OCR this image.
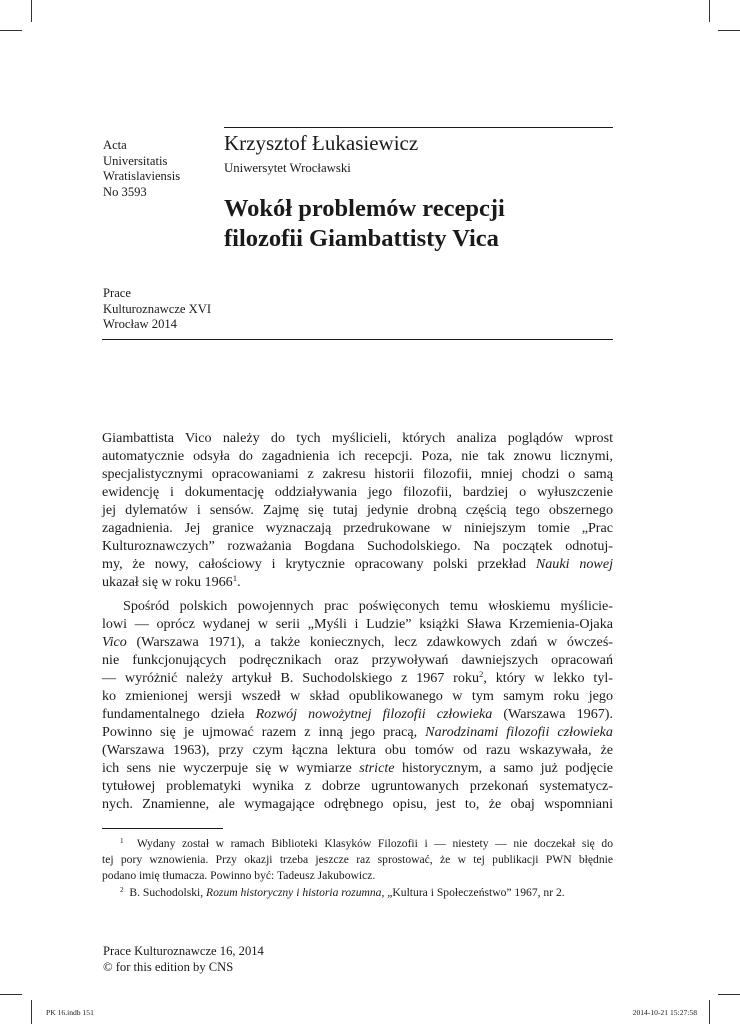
Acta
Universitatis
Wratislaviensis
No 3593
Krzysztof Łukasiewicz
Uniwersytet Wrocławski
Wokół problemów recepcji
filozofii Giambattisty Vica
Prace
Kulturoznawcze XVI
Wrocław 2014
Giambattista Vico należy do tych myślicieli, których analiza poglądów wprost
automatycznie odsyła do zagadnienia ich recepcji. Poza, nie tak znowu licznymi,
specjalistycznymi opracowaniami z zakresu historii filozofii, mniej chodzi o samą
ewidencję i dokumentację oddziaływania jego filozofii, bardziej o wyłuszczenie
jej dylematów i sensów. Zajmę się tutaj jedynie drobną częścią tego obszernego
zagadnienia. Jej granice wyznaczają przedrukowane w niniejszym tomie „Prac
Kulturoznawczych” rozważania Bogdana Suchodolskiego. Na początek odnotuj-
my, że nowy, całościowy i krytycznie opracowany polski przekład Nauki nowej
ukazał się w roku 1966$^1$.
Spośród polskich powojennych prac poświęconych temu włoskiemu myślicie-
lowi — oprócz wydanej w serii „Myśli i Ludzie” książki Sława Krzemienia-Ojaka
Vico (Warszawa 1971), a także koniecznych, lecz zdawkowych zdań w ówcześ-
nie funkcjonujących podręcznikach oraz przywoływań dawniejszych opracowań
— wyróżnić należy artykuł B. Suchodolskiego z 1967 roku$^2$, który w lekko tyl-
ko zmienionej wersji wszedł w skład opublikowanego w tym samym roku jego
fundamentalnego dzieła Rozwój nowożytnej filozofii człowieka (Warszawa 1967).
Powinno się je ujmować razem z inną jego pracą, Narodzinami filozofii człowieka
(Warszawa 1963), przy czym łączna lektura obu tomów od razu wskazywała, że
ich sens nie wyczerpuje się w wymiarze stricte historycznym, a samo już podjęcie
tytułowej problematyki wynika z dobrze ugruntowanych przekonań systematycz-
nych. Znamienne, ale wymagające odrębnego opisu, jest to, że obaj wspomniani
$^1$ Wydany został w ramach Biblioteki Klasyków Filozofii i — niestety — nie doczekał się do
tej pory wznowienia. Przy okazji trzeba jeszcze raz sprostować, że w tej publikacji PWN błędnie
podano imię tłumacza. Powinno być: Tadeusz Jakubowicz.
$^2$ B. Suchodolski, Rozum historyczny i historia rozumna, „Kultura i Społeczeństwo” 1967, nr 2.
Prace Kulturoznawcze 16, 2014
© for this edition by CNS
PK 16.indb 151	2014-10-21 15:27:58
